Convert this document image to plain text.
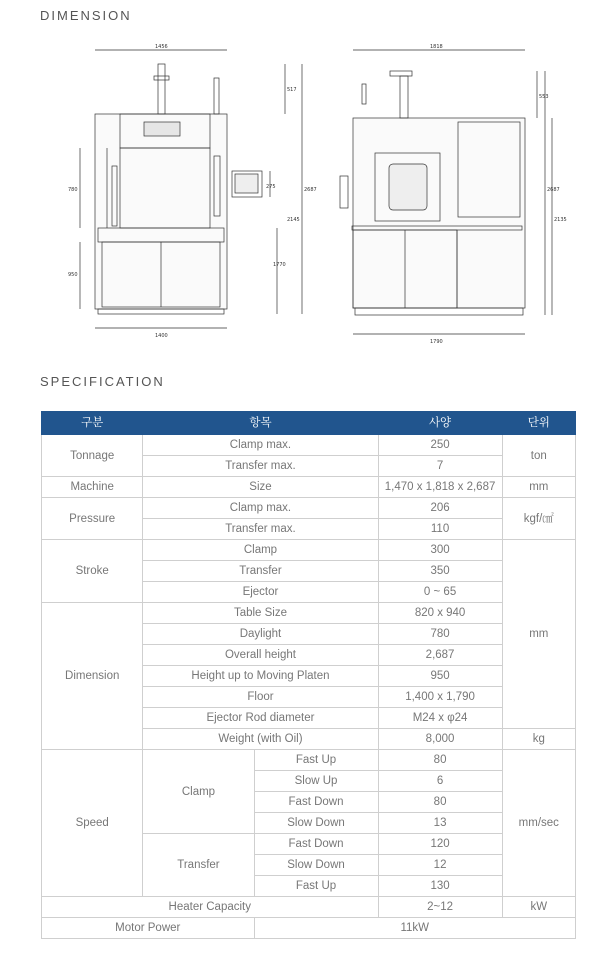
DIMENSION
1456
1400
780
950
517
2687
2145
275
1770
1818
1790
553
2687
2135
SPECIFICATION
구분	항목		사양	단위
Tonnage	Clamp max.		250	ton
	Transfer max.		7	
Machine	Size		1,470 x 1,818 x 2,687	mm
Pressure	Clamp max.		206	kgf/㎠
	Transfer max.		110	
Stroke	Clamp		300	mm
	Transfer		350	
	Ejector		0 ~ 65	
Dimension	Table Size		820 x 940	
	Daylight		780	
	Overall height		2,687	
	Height up to Moving Platen		950	
	Floor		1,400 x 1,790	
	Ejector Rod diameter		M24 x φ24	
	Weight (with Oil)		8,000	kg
Speed	Clamp	Fast Up	80	mm/sec
		Slow Up	6	
		Fast Down	80	
		Slow Down	13	
	Transfer	Fast Down	120	
		Slow Down	12	
		Fast Up	130	
Heater Capacity			2~12	kW
Motor Power		11kW		
